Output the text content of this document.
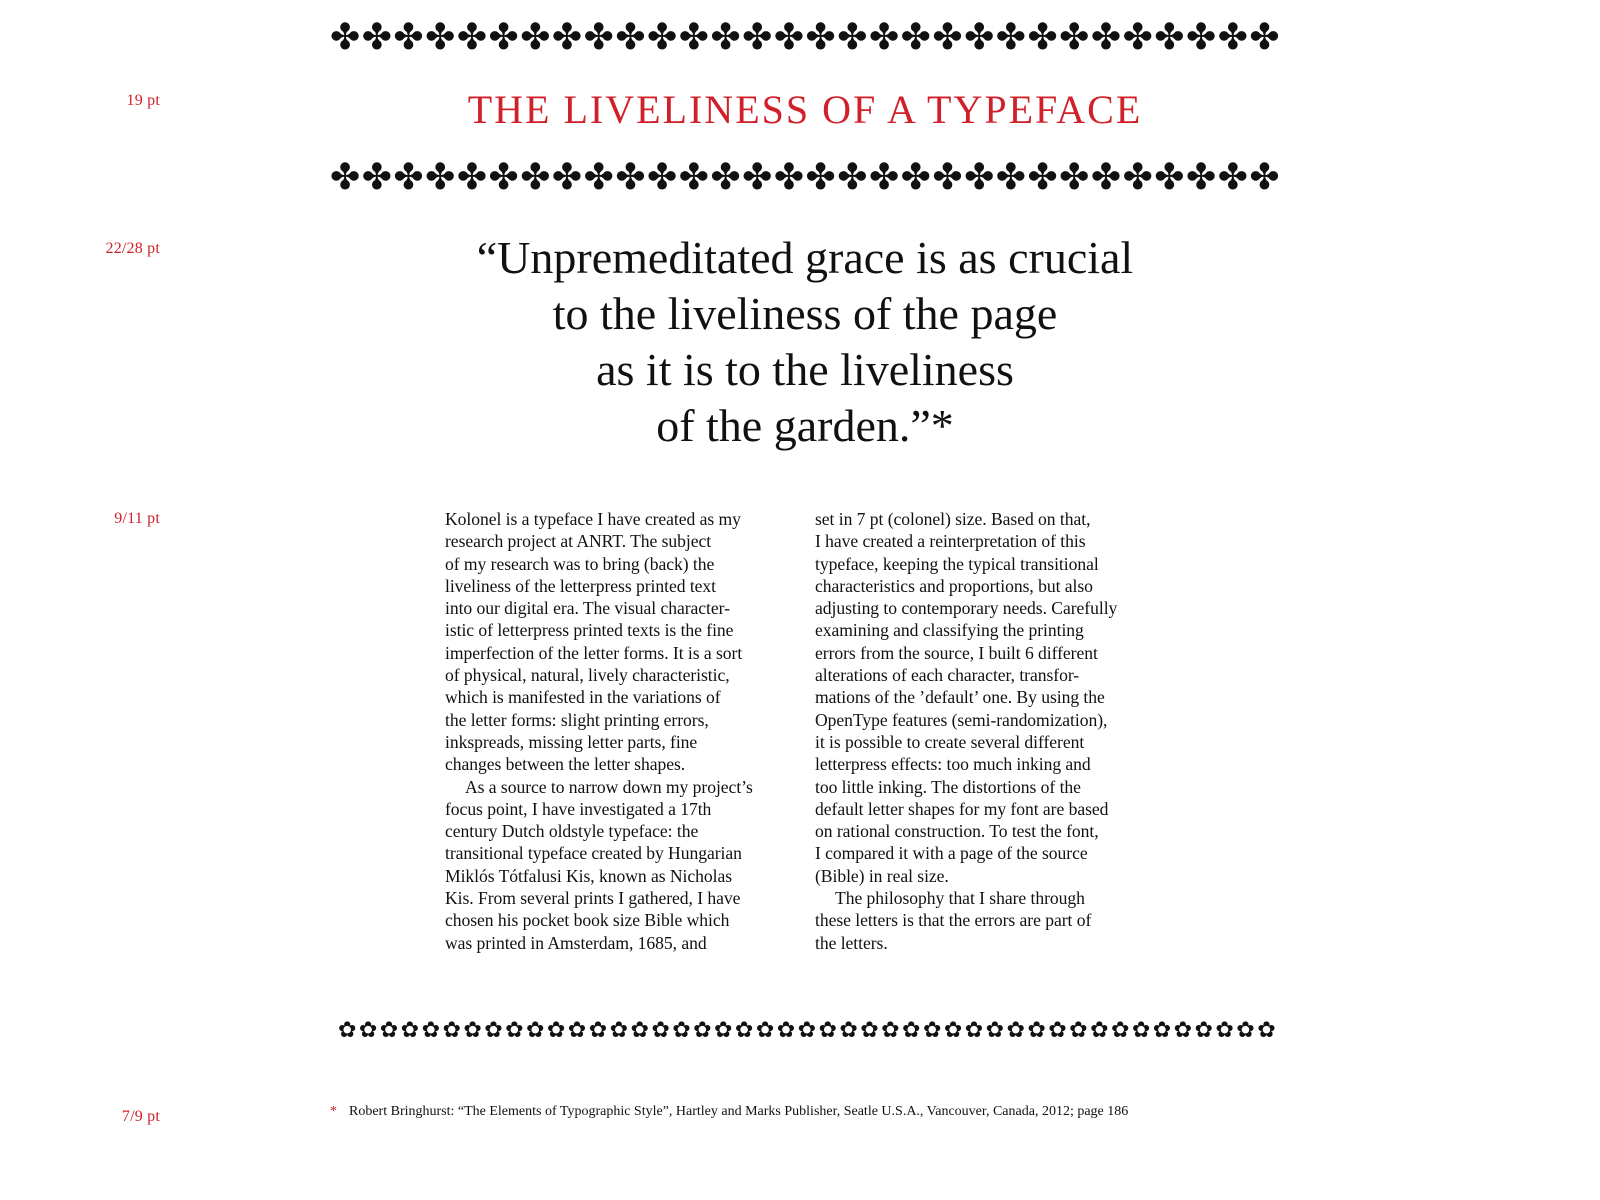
19 pt
22/28 pt
9/11 pt
7/9 pt
✤ ✤ ✤ ✤ ✤ ✤ ✤ ✤ ✤ ✤ ✤ ✤ ✤ ✤ ✤ ✤ ✤ ✤ ✤ ✤ ✤ ✤ ✤ ✤ ✤ ✤ ✤ ✤ ✤ ✤
THE LIVELINESS OF A TYPEFACE
✤ ✤ ✤ ✤ ✤ ✤ ✤ ✤ ✤ ✤ ✤ ✤ ✤ ✤ ✤ ✤ ✤ ✤ ✤ ✤ ✤ ✤ ✤ ✤ ✤ ✤ ✤ ✤ ✤ ✤
“Unpremeditated grace is as crucial
to the liveliness of the page
as it is to the liveliness
of the garden.”*
Kolonel is a typeface I have created as my
research project at ANRT. The subject
of my research was to bring (back) the
liveliness of the letterpress printed text
into our digital era. The visual character-
istic of letterpress printed texts is the fine
imperfection of the letter forms. It is a sort
of physical, natural, lively characteristic,
which is manifested in the variations of
the letter forms: slight printing errors,
inkspreads, missing letter parts, fine
changes between the letter shapes.
As a source to narrow down my project’s
focus point, I have investigated a 17th
century Dutch oldstyle typeface: the
transitional typeface created by Hungarian
Miklós Tótfalusi Kis, known as Nicholas
Kis. From several prints I gathered, I have
chosen his pocket book size Bible which
was printed in Amsterdam, 1685, and
set in 7 pt (colonel) size. Based on that,
I have created a reinterpretation of this
typeface, keeping the typical transitional
characteristics and proportions, but also
adjusting to contemporary needs. Carefully
examining and classifying the printing
errors from the source, I built 6 different
alterations of each character, transfor-
mations of the ’default’ one. By using the
OpenType features (semi-randomization),
it is possible to create several different
letterpress effects: too much inking and
too little inking. The distortions of the
default letter shapes for my font are based
on rational construction. To test the font,
I compared it with a page of the source
(Bible) in real size.
The philosophy that I share through
these letters is that the errors are part of
the letters.
✿ ✿ ✿ ✿ ✿ ✿ ✿ ✿ ✿ ✿ ✿ ✿ ✿ ✿ ✿ ✿ ✿ ✿ ✿ ✿ ✿ ✿ ✿ ✿ ✿ ✿ ✿ ✿ ✿ ✿ ✿ ✿ ✿ ✿ ✿ ✿ ✿ ✿ ✿ ✿ ✿ ✿ ✿ ✿ ✿
* Robert Bringhurst: “The Elements of Typographic Style”, Hartley and Marks Publisher, Seatle U.S.A., Vancouver, Canada, 2012; page 186
